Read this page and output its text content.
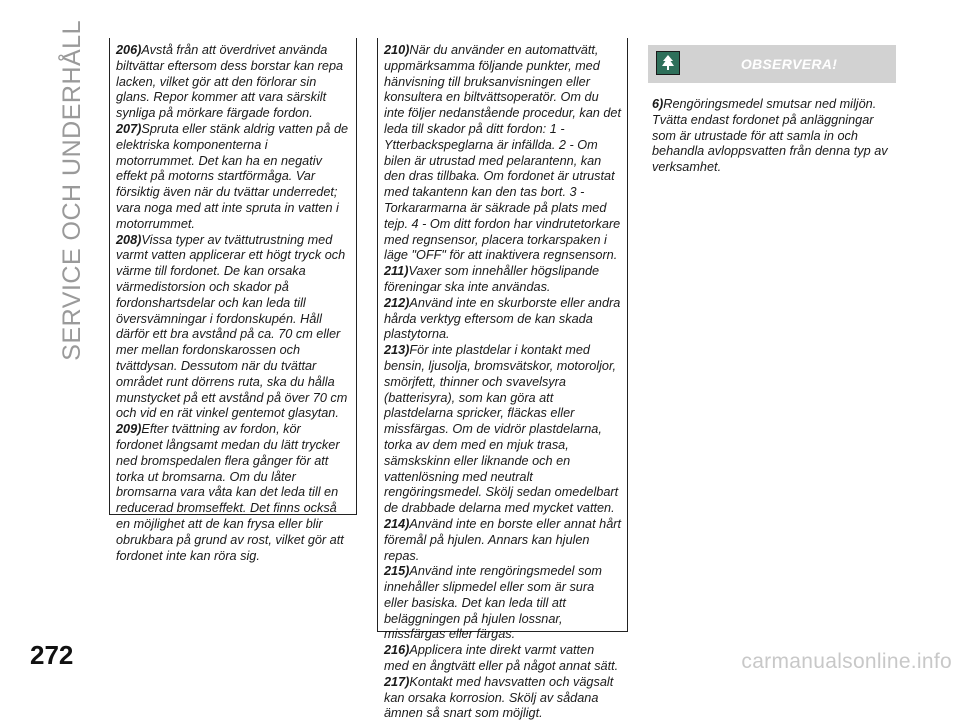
SERVICE OCH UNDERHÅLL 206)Avstå från att överdrivet använda biltvättar eftersom dess borstar kan repa lacken, vilket gör att den förlorar sin glans. Repor kommer att vara särskilt synliga på mörkare färgade fordon.

207)Spruta eller stänk aldrig vatten på de elektriska komponenterna i motorrummet. Det kan ha en negativ effekt på motorns startförmåga. Var försiktig även när du tvättar underredet; vara noga med att inte spruta in vatten i motorrummet.

208)Vissa typer av tvättutrustning med varmt vatten applicerar ett högt tryck och värme till fordonet. De kan orsaka värmedistorsion och skador på fordonshartsdelar och kan leda till översvämningar i fordonskupén. Håll därför ett bra avstånd på ca. 70 cm eller mer mellan fordonskarossen och tvättdysan. Dessutom när du tvättar området runt dörrens ruta, ska du hålla munstycket på ett avstånd på över 70 cm och vid en rät vinkel gentemot glasytan.

209)Efter tvättning av fordon, kör fordonet långsamt medan du lätt trycker ned bromspedalen flera gånger för att torka ut bromsarna. Om du låter bromsarna vara våta kan det leda till en reducerad bromseffekt. Det finns också en möjlighet att de kan frysa eller blir obrukbara på grund av rost, vilket gör att fordonet inte kan röra sig.

210)När du använder en automattvätt, uppmärksamma följande punkter, med hänvisning till bruksanvisningen eller konsultera en biltvättsoperatör. Om du inte följer nedanstående procedur, kan det leda till skador på ditt fordon: 1 - Ytterbackspeglarna är infällda. 2 - Om bilen är utrustad med pelarantenn, kan den dras tillbaka. Om fordonet är utrustat med takantenn kan den tas bort. 3 - Torkararmarna är säkrade på plats med tejp. 4 - Om ditt fordon har vindrutetorkare med regnsensor, placera torkarspaken i läge "OFF" för att inaktivera regnsensorn.

211)Vaxer som innehåller högslipande föreningar ska inte användas.

212)Använd inte en skurborste eller andra hårda verktyg eftersom de kan skada plastytorna.

213)För inte plastdelar i kontakt med bensin, ljusolja, bromsvätskor, motoroljor, smörjfett, thinner och svavelsyra (batterisyra), som kan göra att plastdelarna spricker, fläckas eller missfärgas. Om de vidrör plastdelarna, torka av dem med en mjuk trasa, sämskskinn eller liknande och en vattenlösning med neutralt rengöringsmedel. Skölj sedan omedelbart de drabbade delarna med mycket vatten.

214)Använd inte en borste eller annat hårt föremål på hjulen. Annars kan hjulen repas.

215)Använd inte rengöringsmedel som innehåller slipmedel eller som är sura eller basiska. Det kan leda till att beläggningen på hjulen lossnar, missfärgas eller färgas.

216)Applicera inte direkt varmt vatten med en ångtvätt eller på något annat sätt.

217)Kontakt med havsvatten och vägsalt kan orsaka korrosion. Skölj av sådana ämnen så snart som möjligt.

OBSERVERA!
6)Rengöringsmedel smutsar ned miljön. Tvätta endast fordonet på anläggningar som är utrustade för att samla in och behandla avloppsvatten från denna typ av verksamhet.
272	carmanualsonline.info
